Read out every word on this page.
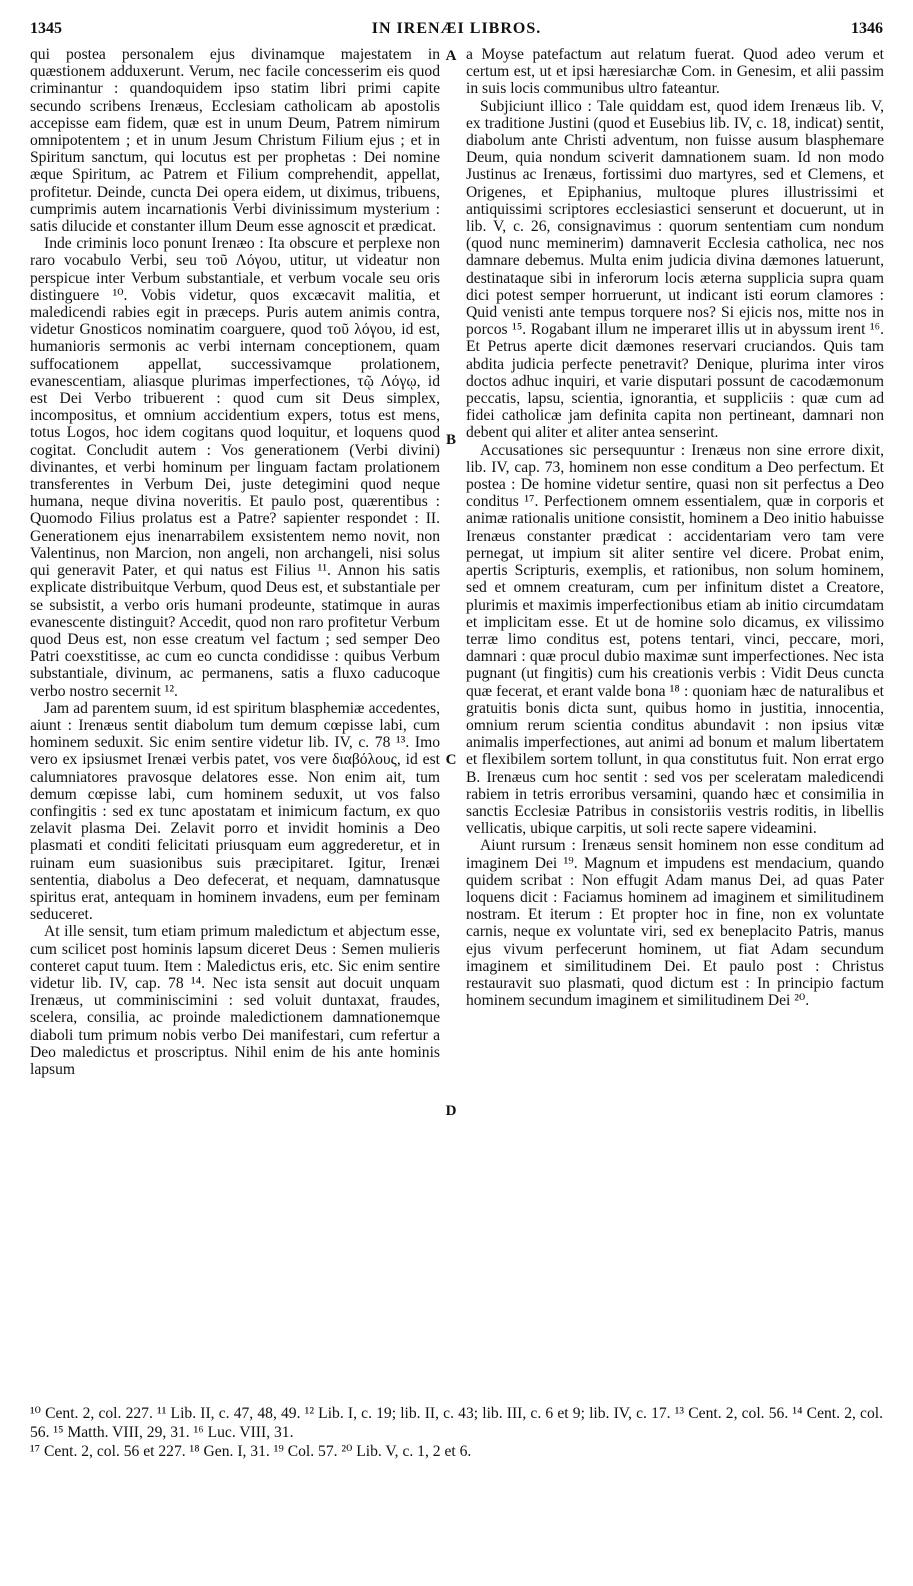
1345	IN IRENÆI LIBROS.	1346

qui postea personalem ejus divinamque majestatem in quæstionem adduxerunt. Verum, nec facile concesserim eis quod criminantur : quandoquidem ipso statim libri primi capite secundo scribens Irenæus, Ecclesiam catholicam ab apostolis accepisse eam fidem, quæ est in unum Deum, Patrem nimirum omnipotentem ; et in unum Jesum Christum Filium ejus ; et in Spiritum sanctum, qui locutus est per prophetas : Dei nomine æque Spiritum, ac Patrem et Filium comprehendit, appellat, profitetur. Deinde, cuncta Dei opera eidem, ut diximus, tribuens, cumprimis autem incarnationis Verbi divinissimum mysterium : satis dilucide et constanter illum Deum esse agnoscit et prædicat.

Inde criminis loco ponunt Irenæo : Ita obscure et perplexe non raro vocabulo Verbi, seu τοῦ Λόγου, utitur, ut videatur non perspicue inter Verbum substantiale, et verbum vocale seu oris distinguere ¹⁰. Vobis videtur, quos excæcavit malitia, et maledicendi rabies egit in præceps. Puris autem animis contra, videtur Gnosticos nominatim coarguere, quod τοῦ λόγου, id est, humanioris sermonis ac verbi internam conceptionem, quam suffocationem appellat, successivamque prolationem, evanescentiam, aliasque plurimas imperfectiones, τῷ Λόγῳ, id est Dei Verbo tribuerent : quod cum sit Deus simplex, incompositus, et omnium accidentium expers, totus est mens, totus Logos, hoc idem cogitans quod loquitur, et loquens quod cogitat. Concludit autem : Vos generationem (Verbi divini) divinantes, et verbi hominum per linguam factam prolationem transferentes in Verbum Dei, juste detegimini quod neque humana, neque divina noveritis. Et paulo post, quærentibus : Quomodo Filius prolatus est a Patre? sapienter respondet : II. Generationem ejus inenarrabilem exsistentem nemo novit, non Valentinus, non Marcion, non angeli, non archangeli, nisi solus qui generavit Pater, et qui natus est Filius ¹¹. Annon his satis explicate distribuitque Verbum, quod Deus est, et substantiale per se subsistit, a verbo oris humani prodeunte, statimque in auras evanescente distinguit? Accedit, quod non raro profitetur Verbum quod Deus est, non esse creatum vel factum ; sed semper Deo Patri coexstitisse, ac cum eo cuncta condidisse : quibus Verbum substantiale, divinum, ac permanens, satis a fluxo caducoque verbo nostro secernit ¹².

Jam ad parentem suum, id est spiritum blasphemiæ accedentes, aiunt : Irenæus sentit diabolum tum demum cœpisse labi, cum hominem seduxit. Sic enim sentire videtur lib. IV, c. 78 ¹³. Imo vero ex ipsiusmet Irenæi verbis patet, vos vere διαβόλους, id est calumniatores pravosque delatores esse. Non enim ait, tum demum cœpisse labi, cum hominem seduxit, ut vos falso confingitis : sed ex tunc apostatam et inimicum factum, ex quo zelavit plasma Dei. Zelavit porro et invidit hominis a Deo plasmati et conditi felicitati priusquam eum aggrederetur, et in ruinam eum suasionibus suis præcipitaret. Igitur, Irenæi sententia, diabolus a Deo defecerat, et nequam, damnatusque spiritus erat, antequam in hominem invadens, eum per feminam seduceret.

At ille sensit, tum etiam primum maledictum et abjectum esse, cum scilicet post hominis lapsum diceret Deus : Semen mulieris conteret caput tuum. Item : Maledictus eris, etc. Sic enim sentire videtur lib. IV, cap. 78 ¹⁴. Nec ista sensit aut docuit unquam Irenæus, ut comminiscimini : sed voluit duntaxat, fraudes, scelera, consilia, ac proinde maledictionem damnationemque diaboli tum primum nobis verbo Dei manifestari, cum refertur a Deo maledictus et proscriptus. Nihil enim de his ante hominis lapsum

A
B
C
D

a Moyse patefactum aut relatum fuerat. Quod adeo verum et certum est, ut et ipsi hæresiarchæ Com. in Genesim, et alii passim in suis locis communibus ultro fateantur.

Subjiciunt illico : Tale quiddam est, quod idem Irenæus lib. V, ex traditione Justini (quod et Eusebius lib. IV, c. 18, indicat) sentit, diabolum ante Christi adventum, non fuisse ausum blasphemare Deum, quia nondum sciverit damnationem suam. Id non modo Justinus ac Irenæus, fortissimi duo martyres, sed et Clemens, et Origenes, et Epiphanius, multoque plures illustrissimi et antiquissimi scriptores ecclesiastici senserunt et docuerunt, ut in lib. V, c. 26, consignavimus : quorum sententiam cum nondum (quod nunc meminerim) damnaverit Ecclesia catholica, nec nos damnare debemus. Multa enim judicia divina dæmones latuerunt, destinataque sibi in inferorum locis æterna supplicia supra quam dici potest semper horruerunt, ut indicant isti eorum clamores : Quid venisti ante tempus torquere nos? Si ejicis nos, mitte nos in porcos ¹⁵. Rogabant illum ne imperaret illis ut in abyssum irent ¹⁶. Et Petrus aperte dicit dæmones reservari cruciandos. Quis tam abdita judicia perfecte penetravit? Denique, plurima inter viros doctos adhuc inquiri, et varie disputari possunt de cacodæmonum peccatis, lapsu, scientia, ignorantia, et suppliciis : quæ cum ad fidei catholicæ jam definita capita non pertineant, damnari non debent qui aliter et aliter antea senserint.

Accusationes sic persequuntur : Irenæus non sine errore dixit, lib. IV, cap. 73, hominem non esse conditum a Deo perfectum. Et postea : De homine videtur sentire, quasi non sit perfectus a Deo conditus ¹⁷. Perfectionem omnem essentialem, quæ in corporis et animæ rationalis unitione consistit, hominem a Deo initio habuisse Irenæus constanter prædicat : accidentariam vero tam vere pernegat, ut impium sit aliter sentire vel dicere. Probat enim, apertis Scripturis, exemplis, et rationibus, non solum hominem, sed et omnem creaturam, cum per infinitum distet a Creatore, plurimis et maximis imperfectionibus etiam ab initio circumdatam et implicitam esse. Et ut de homine solo dicamus, ex vilissimo terræ limo conditus est, potens tentari, vinci, peccare, mori, damnari : quæ procul dubio maximæ sunt imperfectiones. Nec ista pugnant (ut fingitis) cum his creationis verbis : Vidit Deus cuncta quæ fecerat, et erant valde bona ¹⁸ : quoniam hæc de naturalibus et gratuitis bonis dicta sunt, quibus homo in justitia, innocentia, omnium rerum scientia conditus abundavit : non ipsius vitæ animalis imperfectiones, aut animi ad bonum et malum libertatem et flexibilem sortem tollunt, in qua constitutus fuit. Non errat ergo B. Irenæus cum hoc sentit : sed vos per sceleratam maledicendi rabiem in tetris erroribus versamini, quando hæc et consimilia in sanctis Ecclesiæ Patribus in consistoriis vestris roditis, in libellis vellicatis, ubique carpitis, ut soli recte sapere videamini.

Aiunt rursum : Irenæus sensit hominem non esse conditum ad imaginem Dei ¹⁹. Magnum et impudens est mendacium, quando quidem scribat : Non effugit Adam manus Dei, ad quas Pater loquens dicit : Faciamus hominem ad imaginem et similitudinem nostram. Et iterum : Et propter hoc in fine, non ex voluntate carnis, neque ex voluntate viri, sed ex beneplacito Patris, manus ejus vivum perfecerunt hominem, ut fiat Adam secundum imaginem et similitudinem Dei. Et paulo post : Christus restauravit suo plasmati, quod dictum est : In principio factum hominem secundum imaginem et similitudinem Dei ²⁰.

¹⁰ Cent. 2, col. 227. ¹¹ Lib. II, c. 47, 48, 49. ¹² Lib. I, c. 19; lib. II, c. 43; lib. III, c. 6 et 9; lib. IV, c. 17. ¹³ Cent. 2, col. 56. ¹⁴ Cent. 2, col. 56. ¹⁵ Matth. VIII, 29, 31. ¹⁶ Luc. VIII, 31.

¹⁷ Cent. 2, col. 56 et 227. ¹⁸ Gen. I, 31. ¹⁹ Col. 57. ²⁰ Lib. V, c. 1, 2 et 6.
